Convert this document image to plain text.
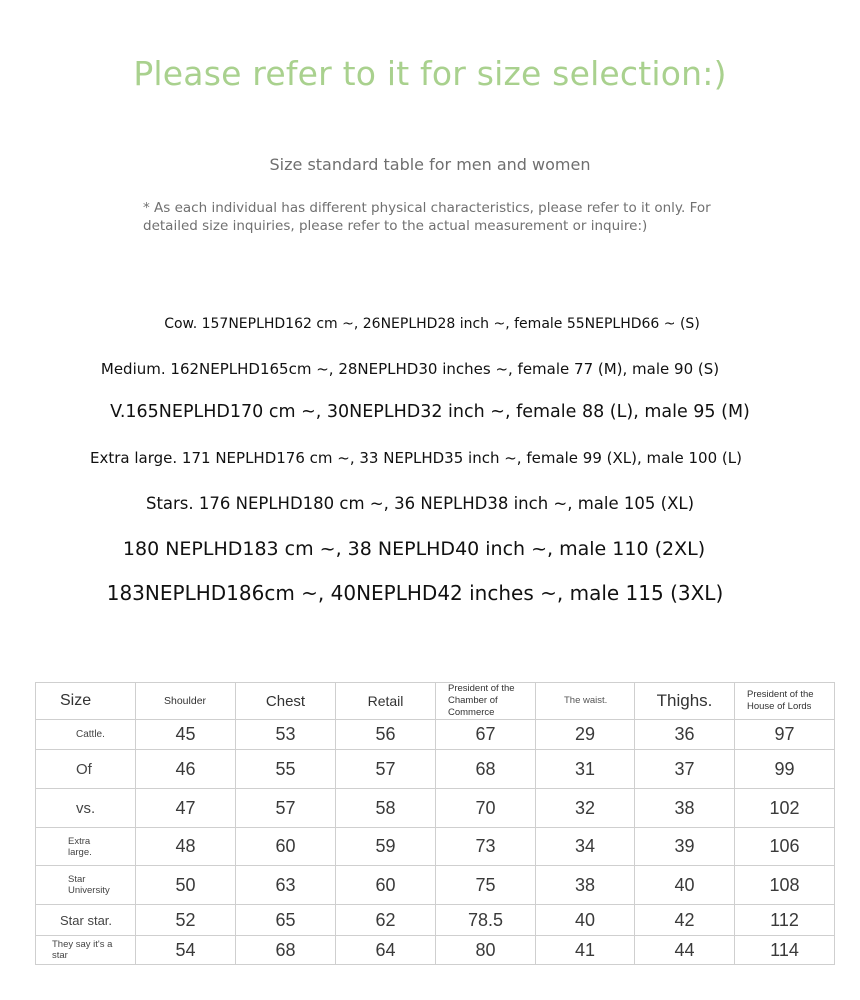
Please refer to it for size selection:)
Size standard table for men and women
* As each individual has different physical characteristics, please refer to it only. For detailed size inquiries, please refer to the actual measurement or inquire:)
Cow. 157NEPLHD162 cm ~, 26NEPLHD28 inch ~, female 55NEPLHD66 ~ (S)
Medium. 162NEPLHD165cm ~, 28NEPLHD30 inches ~, female 77 (M), male 90 (S)
V.165NEPLHD170 cm ~, 30NEPLHD32 inch ~, female 88 (L), male 95 (M)
Extra large. 171 NEPLHD176 cm ~, 33 NEPLHD35 inch ~, female 99 (XL), male 100 (L)
Stars. 176 NEPLHD180 cm ~, 36 NEPLHD38 inch ~, male 105 (XL)
180 NEPLHD183 cm ~, 38 NEPLHD40 inch ~, male 110 (2XL)
183NEPLHD186cm ~, 40NEPLHD42 inches ~, male 115 (3XL)
Size	Shoulder	Chest	Retail	President of the Chamber of Commerce	The waist.	Thighs.	President of the House of Lords
Cattle.	45	53	56	67	29	36	97
Of	46	55	57	68	31	37	99
vs.	47	57	58	70	32	38	102
Extra large.	48	60	59	73	34	39	106
Star University	50	63	60	75	38	40	108
Star star.	52	65	62	78.5	40	42	112
They say it's a star	54	68	64	80	41	44	114
